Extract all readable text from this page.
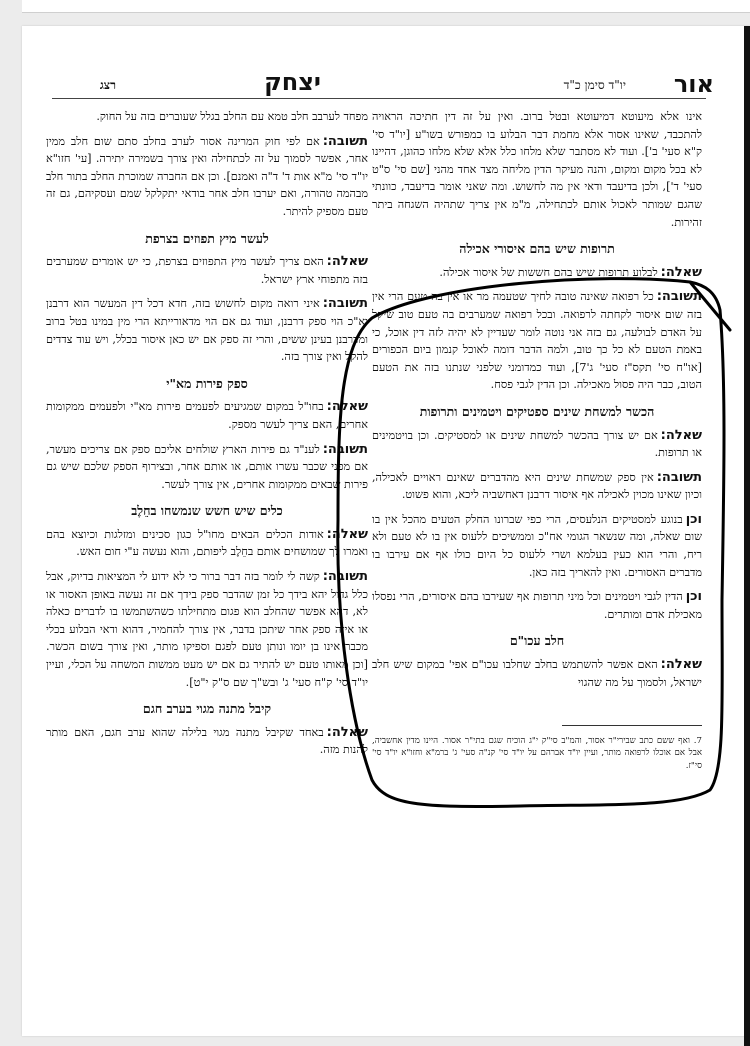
אור
יו"ד סימן כ"ד
יצחק
רצג

אינו אלא מיעוטא דמיעוטא ובטל ברוב. ואין על זה דין חתיכה הראויה להתכבד, שאינו אסור אלא מחמת דבר הבלוע בו כמפורש בשו"ע [יו"ד סי' ק"א סעי' ב']. ועוד לא מסתבר שלא מלחו כלל אלא שלא מלחו כהוגן, דהיינו לא בכל מקום ומקום, והנה מעיקר הדין מליחה מצד אחד מהני [שם סי' ס"ט סעי' ד'], ולכן בדיעבד ודאי אין מה לחשוש. ומה שאני אומר בדיעבד, כוונתי שהגם שמותר לאכול אותם לכתחילה, מ"מ אין צריך שתהיה השגחה ביתר זהירות.

תרופות שיש בהם איסורי אכילה

שאלה:לבלוע תרופות שיש בהם חששות של איסור אכילה.

תשובה:כל רפואה שאינה טובה לחיך שטעמה מר או אין בה טעם הרי אין בזה שום איסור לקחתה לרפואה. ובכל רפואה שמערבים בה טעם טוב שיקל על האדם לבולעה, גם בזה אני נוטה לומר שעדיין לא יהיה לזה דין אוכל, כי באמת הטעם לא כל כך טוב, ולמה הדבר דומה לאוכל קנמון ביום הכפורים [או"ח סי' תקס"ז סעי' ג'7], ועוד כמדומני שלפני שנתנו בזה את הטעם הטוב, כבר היה פסול מאכילה. וכן הדין לגבי פסח.

הכשר למשחת שינים ספטיקים ויטמינים ותרופות

שאלה:אם יש צורך בהכשר למשחת שינים או למסטיקים. וכן בויטמינים או תרופות.

תשובה:אין ספק שמשחת שינים היא מהדברים שאינם ראויים לאכילה, וכיון שאינו מכוין לאכילה אף איסור דרבנן דאחשביה ליכא, והוא פשוט.

וכןבנוגע למסטיקים הנלעסים, הרי כפי שברונו החלק הטעים מהכל אין בו שום שאלה, ומה שנשאר הגומי אח"כ וממשיכים ללעוס אין בו לא טעם ולא ריח, והרי הוא כעין בעלמא ושרי ללעוס כל היום כולו אף אם עירבו בו מדברים האסורים. ואין להאריך בזה כאן.

וכןהדין לגבי ויטמינים וכל מיני תרופות אף שעירבו בהם איסורים, הרי נפסלו מאכילת אדם ומותרים.

חלב עכו"ם

שאלה:האם אפשר להשתמש בחלב שחלבו עכו"ם אפי' במקום שיש חלב ישראל, ולסמוך על מה שהגוי

7. ואף ששם כתב שבירי"ר אסור, והמ"ב סי"ק י"ג הוכיח שגם בתי"ר אסור. היינו מדין אחשביה, אבל אם אוכלו לרפואה מותר, ועיין יו"ד אברהם על יו"ד סי' קנ"ה סעי' ג' ברמ"א וחזו"א יו"ד סי' סי"ז.

מפחד לערבב חלב טמא עם החלב בגלל שעוברים בזה על החוק.

תשובה:אם לפי חוק המרינה אסור לערב בחלב סתם שום חלב ממין אחר, אפשר לסמוך על זה לכתחילה ואין צורך בשמירה יתירה. [עי' חזו"א יו"ד סי' מ"א אות ד' ד"ה ואמנם]. וכן אם החברה שמוכרת החלב בתור חלב מבהמה טהורה, ואם יערבו חלב אחר בודאי יתקלקל שמם ועסקיהם, גם זה טעם מספיק להיתר.

לעשר מיץ תפוזים בצרפת

שאלה:האם צריך לעשר מיץ התפוזים בצרפת, כי יש אומרים שמערבים בזה מתפוחי ארץ ישראל.

תשובה:איני רואה מקום לחשוש בזה, חדא דכל דין המעשר הוא דרבנן וא"כ הוי ספק דרבנן, ועוד גם אם הוי מדאורייתא הרי מין במינו בטל ברוב ומדרבנן בעינן ששים, והרי זה ספק אם יש כאן איסור בכלל, ויש עוד צדדים להקל ואין צורך בזה.

ספק פירות מא"י

שאלה:בחו"ל במקום שמגיעים לפעמים פירות מא"י ולפעמים ממקומות אחרים, האם צריך לעשר מספק.

תשובה:לענ"ד גם פירות הארץ שולחים אליכם ספק אם צריכים מעשר, אם מפני שכבר עשרו אותם, או אותם אחר, ובצירוף הספק שלכם שיש גם פירות שבאים ממקומות אחרים, אין צורך לעשר.

כלים שיש חשש שנמשחו בחֵלֶב

שאלה:אודות הכלים הבאים מחו"ל כגון סכינים ומזלגות וכיוצא בהם ואמרו לך שמושחים אותם בחֵלֶב ליפותם, והוא נעשה ע"י חום האש.

תשובה:קשה לי לומר בזה דבר ברור כי לא ידוע לי המציאות בדיוק, אבל כלל גדול יהא בידך כל זמן שהדבר ספק בידך אם זה נעשה באופן האסור או לא, דהא אפשר שהחלב הוא פגום מתחילתו כשהשתמשו בו לדברים כאלה או איזה ספק אחר שיתכן בדבר, אין צורך להחמיר, דהוא ודאי הבלוע בכלי מכבר אינו בן יומו ונותן טעם לפגם וספיקו מותר, ואין צורך בשום הכשר. [וכן מאותו טעם יש להתיר גם אם יש מעט ממשות המשחה על הכלי, ועיין יו"ד סי' ק"ח סעי' ג' ובש"ך שם ס"ק י"ט].

קיבל מתנה מגוי בערב חגם

שאלה:באחד שקיבל מתנה מגוי בלילה שהוא ערב חגם, האם מותר להנות מזה.
